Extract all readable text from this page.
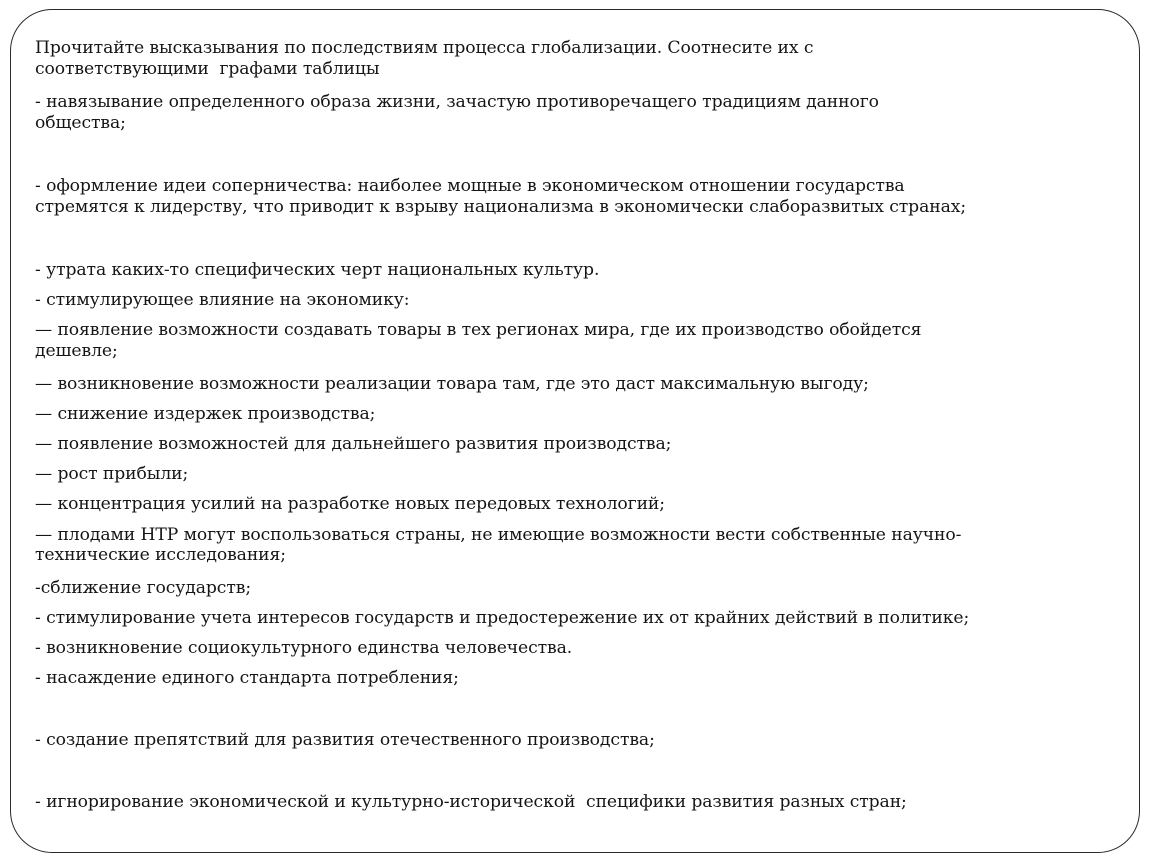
Прочитайте высказывания по последствиям процесса глобализации. Соотнесите их с
соответствующими  графами таблицы
- навязывание определенного образа жизни, зачастую противоречащего традициям данного
общества;
- оформление идеи соперничества: наиболее мощные в экономическом отношении государства
стремятся к лидерству, что приводит к взрыву национализма в экономически слаборазвитых странах;
- утрата каких-то специфических черт национальных культур.
- стимулирующее влияние на экономику:
— появление возможности создавать товары в тех регионах мира, где их производство обойдется
дешевле;
— возникновение возможности реализации товара там, где это даст максимальную выгоду;
— снижение издержек производства;
— появление возможностей для дальнейшего развития производства;
— рост прибыли;
— концентрация усилий на разработке новых передовых технологий;
— плодами НТР могут воспользоваться страны, не имеющие возможности вести собственные научно-
технические исследования;
-сближение государств;
- стимулирование учета интересов государств и предостережение их от крайних действий в политике;
- возникновение социокультурного единства человечества.
- насаждение единого стандарта потребления;
- создание препятствий для развития отечественного производства;
- игнорирование экономической и культурно-исторической  специфики развития разных стран;
